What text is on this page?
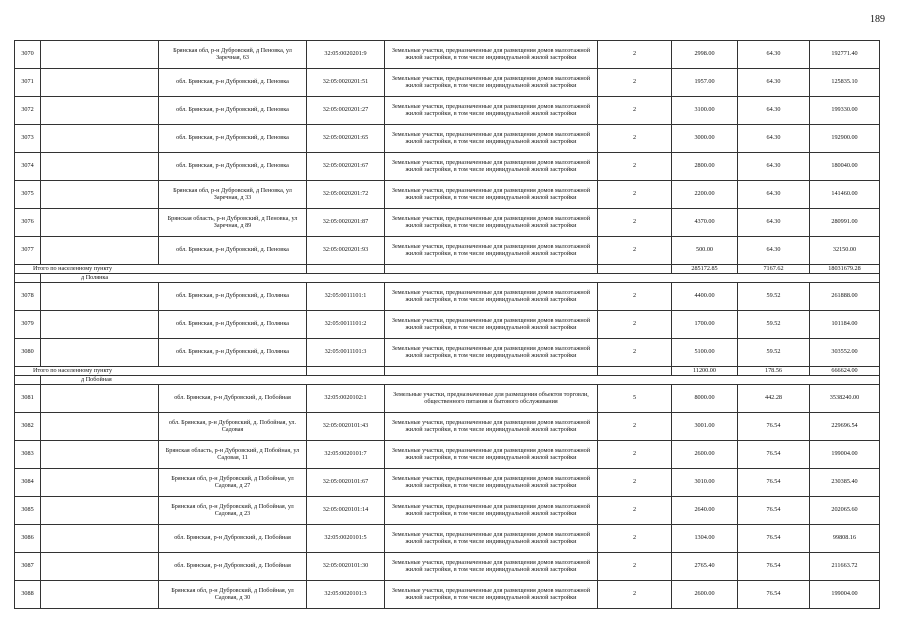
189
3070		Брянская обл, р-н Дубровский, д Пеновка, ул Заречная, 63	32:05:0020201:9	Земельные участки, предназначенные для размещения домов малоэтажной жилой застройки, в том числе индивидуальной жилой застройки	2	2998.00	64.30	192771.40
3071		обл. Брянская, р-н Дубровский, д. Пеновка	32:05:0020201:51	Земельные участки, предназначенные для размещения домов малоэтажной жилой застройки, в том числе индивидуальной жилой застройки	2	1957.00	64.30	125835.10
3072		обл. Брянская, р-н Дубровский, д. Пеновка	32:05:0020201:27	Земельные участки, предназначенные для размещения домов малоэтажной жилой застройки, в том числе индивидуальной жилой застройки	2	3100.00	64.30	199330.00
3073		обл. Брянская, р-н Дубровский, д. Пеновка	32:05:0020201:65	Земельные участки, предназначенные для размещения домов малоэтажной жилой застройки, в том числе индивидуальной жилой застройки	2	3000.00	64.30	192900.00
3074		обл. Брянская, р-н Дубровский, д. Пеновка	32:05:0020201:67	Земельные участки, предназначенные для размещения домов малоэтажной жилой застройки, в том числе индивидуальной жилой застройки	2	2800.00	64.30	180040.00
3075		Брянская обл, р-н Дубровский, д Пеновка, ул Заречная, д 33	32:05:0020201:72	Земельные участки, предназначенные для размещения домов малоэтажной жилой застройки, в том числе индивидуальной жилой застройки	2	2200.00	64.30	141460.00
3076		Брянская область, р-н Дубровский, д Пеновка, ул Заречная, д 89	32:05:0020201:87	Земельные участки, предназначенные для размещения домов малоэтажной жилой застройки, в том числе индивидуальной жилой застройки	2	4370.00	64.30	280991.00
3077		обл. Брянская, р-н Дубровский, д. Пеновка	32:05:0020201:93	Земельные участки, предназначенные для размещения домов малоэтажной жилой застройки, в том числе индивидуальной жилой застройки	2	500.00	64.30	32150.00
Итого по населенному пункту						285172.85	7167.62	18031679.28
	д Полянка							
3078		обл. Брянская, р-н Дубровский, д. Полянка	32:05:0011101:1	Земельные участки, предназначенные для размещения домов малоэтажной жилой застройки, в том числе индивидуальной жилой застройки	2	4400.00	59.52	261888.00
3079		обл. Брянская, р-н Дубровский, д. Полянка	32:05:0011101:2	Земельные участки, предназначенные для размещения домов малоэтажной жилой застройки, в том числе индивидуальной жилой застройки	2	1700.00	59.52	101184.00
3080		обл. Брянская, р-н Дубровский, д. Полянка	32:05:0011101:3	Земельные участки, предназначенные для размещения домов малоэтажной жилой застройки, в том числе индивидуальной жилой застройки	2	5100.00	59.52	303552.00
Итого по населенному пункту						11200.00	178.56	666624.00
	д Побойная							
3081		обл. Брянская, р-н Дубровский, д. Побойная	32:05:0020102:1	Земельные участки, предназначенные для размещения объектов торговли, общественного питания и бытового обслуживания	5	8000.00	442.28	3538240.00
3082		обл. Брянская, р-н Дубровский, д. Побойная, ул. Садовая	32:05:0020101:43	Земельные участки, предназначенные для размещения домов малоэтажной жилой застройки, в том числе индивидуальной жилой застройки	2	3001.00	76.54	229696.54
3083		Брянская область, р-н Дубровский, д Побойная, ул Садовая, 11	32:05:0020101:7	Земельные участки, предназначенные для размещения домов малоэтажной жилой застройки, в том числе индивидуальной жилой застройки	2	2600.00	76.54	199004.00
3084		Брянская обл, р-н Дубровский, д Побойная, ул Садовая, д 27	32:05:0020101:67	Земельные участки, предназначенные для размещения домов малоэтажной жилой застройки, в том числе индивидуальной жилой застройки	2	3010.00	76.54	230385.40
3085		Брянская обл, р-н Дубровский, д Побойная, ул Садовая, д 23	32:05:0020101:14	Земельные участки, предназначенные для размещения домов малоэтажной жилой застройки, в том числе индивидуальной жилой застройки	2	2640.00	76.54	202065.60
3086		обл. Брянская, р-н Дубровский, д. Побойная	32:05:0020101:5	Земельные участки, предназначенные для размещения домов малоэтажной жилой застройки, в том числе индивидуальной жилой застройки	2	1304.00	76.54	99808.16
3087		обл. Брянская, р-н Дубровский, д. Побойная	32:05:0020101:30	Земельные участки, предназначенные для размещения домов малоэтажной жилой застройки, в том числе индивидуальной жилой застройки	2	2765.40	76.54	211663.72
3088		Брянская обл, р-н Дубровский, д Побойная, ул Садовая, д 30	32:05:0020101:3	Земельные участки, предназначенные для размещения домов малоэтажной жилой застройки, в том числе индивидуальной жилой застройки	2	2600.00	76.54	199004.00
